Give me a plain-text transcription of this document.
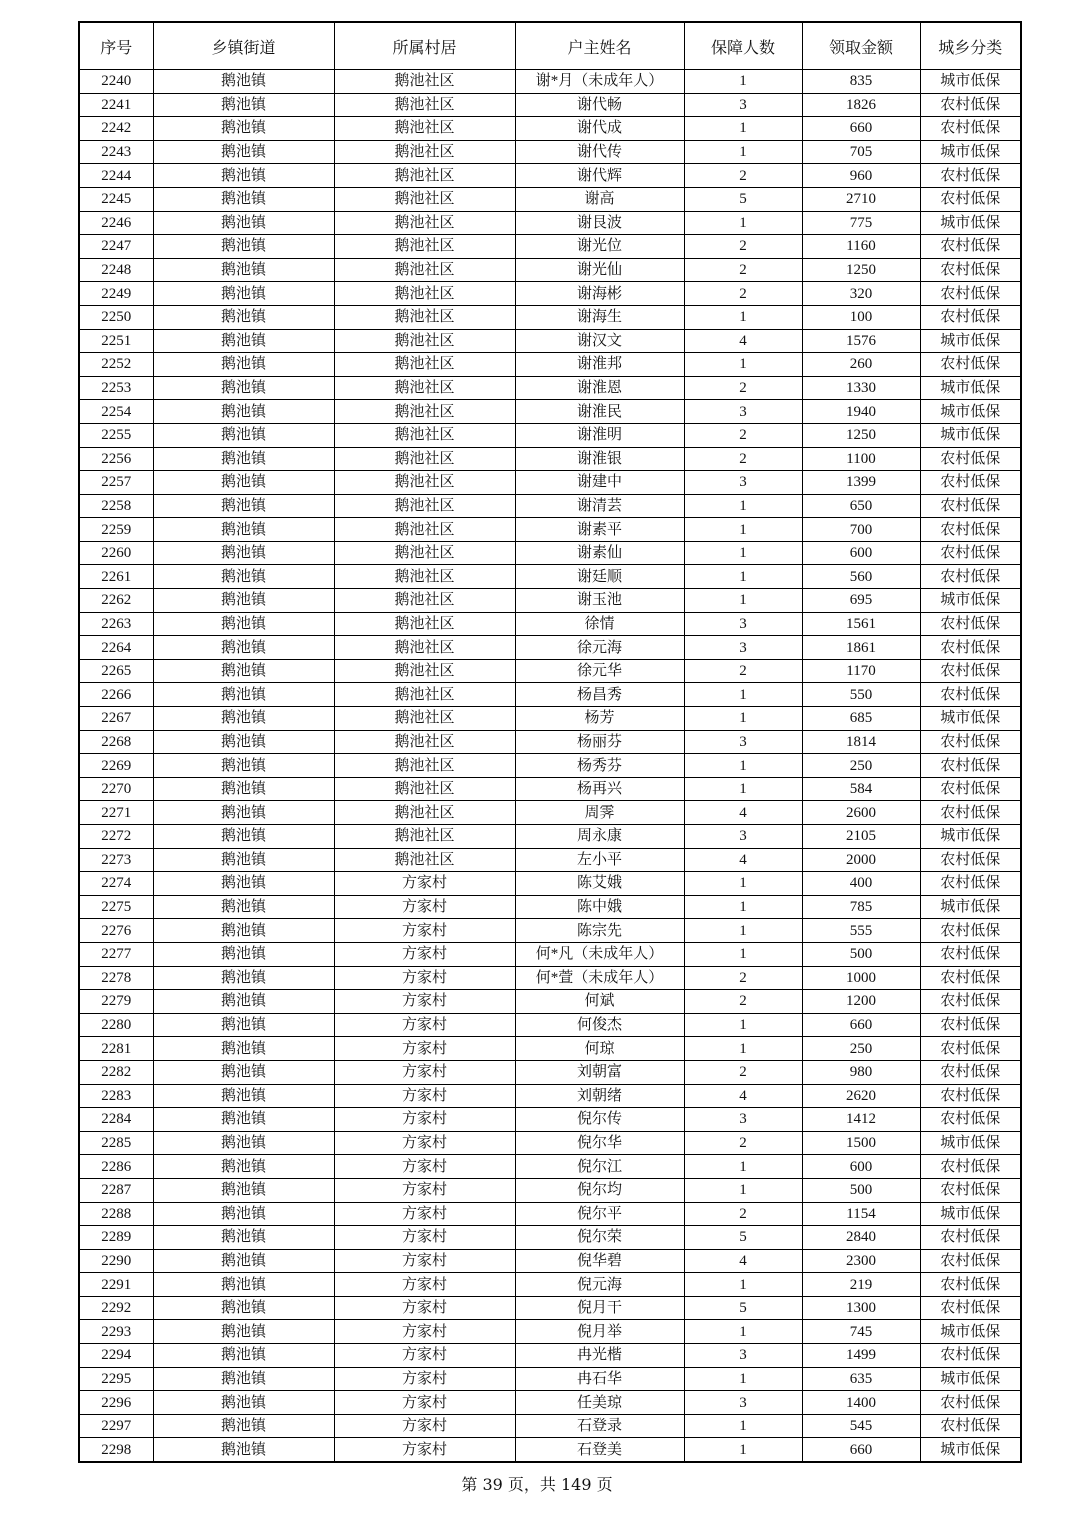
序号	乡镇街道	所属村居	户主姓名	保障人数	领取金额	城乡分类
2240	鹅池镇	鹅池社区	谢*月（未成年人）	1	835	城市低保
2241	鹅池镇	鹅池社区	谢代畅	3	1826	农村低保
2242	鹅池镇	鹅池社区	谢代成	1	660	农村低保
2243	鹅池镇	鹅池社区	谢代传	1	705	城市低保
2244	鹅池镇	鹅池社区	谢代辉	2	960	农村低保
2245	鹅池镇	鹅池社区	谢高	5	2710	农村低保
2246	鹅池镇	鹅池社区	谢艮波	1	775	城市低保
2247	鹅池镇	鹅池社区	谢光位	2	1160	农村低保
2248	鹅池镇	鹅池社区	谢光仙	2	1250	农村低保
2249	鹅池镇	鹅池社区	谢海彬	2	320	农村低保
2250	鹅池镇	鹅池社区	谢海生	1	100	农村低保
2251	鹅池镇	鹅池社区	谢汉文	4	1576	城市低保
2252	鹅池镇	鹅池社区	谢淮邦	1	260	农村低保
2253	鹅池镇	鹅池社区	谢淮恩	2	1330	城市低保
2254	鹅池镇	鹅池社区	谢淮民	3	1940	城市低保
2255	鹅池镇	鹅池社区	谢淮明	2	1250	城市低保
2256	鹅池镇	鹅池社区	谢淮银	2	1100	农村低保
2257	鹅池镇	鹅池社区	谢建中	3	1399	农村低保
2258	鹅池镇	鹅池社区	谢清芸	1	650	农村低保
2259	鹅池镇	鹅池社区	谢素平	1	700	农村低保
2260	鹅池镇	鹅池社区	谢素仙	1	600	农村低保
2261	鹅池镇	鹅池社区	谢廷顺	1	560	农村低保
2262	鹅池镇	鹅池社区	谢玉池	1	695	城市低保
2263	鹅池镇	鹅池社区	徐情	3	1561	农村低保
2264	鹅池镇	鹅池社区	徐元海	3	1861	农村低保
2265	鹅池镇	鹅池社区	徐元华	2	1170	农村低保
2266	鹅池镇	鹅池社区	杨昌秀	1	550	农村低保
2267	鹅池镇	鹅池社区	杨芳	1	685	城市低保
2268	鹅池镇	鹅池社区	杨丽芬	3	1814	农村低保
2269	鹅池镇	鹅池社区	杨秀芬	1	250	农村低保
2270	鹅池镇	鹅池社区	杨再兴	1	584	农村低保
2271	鹅池镇	鹅池社区	周霁	4	2600	农村低保
2272	鹅池镇	鹅池社区	周永康	3	2105	城市低保
2273	鹅池镇	鹅池社区	左小平	4	2000	农村低保
2274	鹅池镇	方家村	陈艾娥	1	400	农村低保
2275	鹅池镇	方家村	陈中娥	1	785	城市低保
2276	鹅池镇	方家村	陈宗先	1	555	农村低保
2277	鹅池镇	方家村	何*凡（未成年人）	1	500	农村低保
2278	鹅池镇	方家村	何*萱（未成年人）	2	1000	农村低保
2279	鹅池镇	方家村	何斌	2	1200	农村低保
2280	鹅池镇	方家村	何俊杰	1	660	农村低保
2281	鹅池镇	方家村	何琼	1	250	农村低保
2282	鹅池镇	方家村	刘朝富	2	980	农村低保
2283	鹅池镇	方家村	刘朝绪	4	2620	农村低保
2284	鹅池镇	方家村	倪尔传	3	1412	农村低保
2285	鹅池镇	方家村	倪尔华	2	1500	城市低保
2286	鹅池镇	方家村	倪尔江	1	600	农村低保
2287	鹅池镇	方家村	倪尔均	1	500	农村低保
2288	鹅池镇	方家村	倪尔平	2	1154	城市低保
2289	鹅池镇	方家村	倪尔荣	5	2840	农村低保
2290	鹅池镇	方家村	倪华碧	4	2300	农村低保
2291	鹅池镇	方家村	倪元海	1	219	农村低保
2292	鹅池镇	方家村	倪月干	5	1300	农村低保
2293	鹅池镇	方家村	倪月举	1	745	城市低保
2294	鹅池镇	方家村	冉光楷	3	1499	农村低保
2295	鹅池镇	方家村	冉石华	1	635	城市低保
2296	鹅池镇	方家村	任美琼	3	1400	农村低保
2297	鹅池镇	方家村	石登录	1	545	农村低保
2298	鹅池镇	方家村	石登美	1	660	城市低保
第 39 页，共 149 页
